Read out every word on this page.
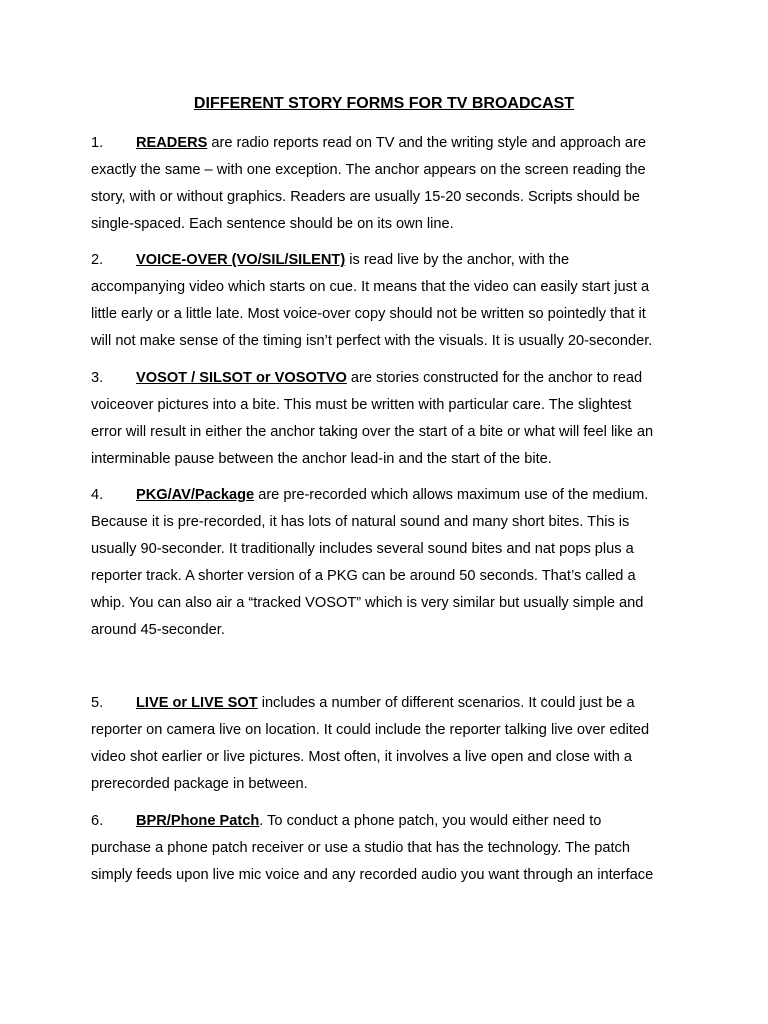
DIFFERENT STORY FORMS FOR TV BROADCAST
1. READERS are radio reports read on TV and the writing style and approach are
exactly the same – with one exception. The anchor appears on the screen reading the
story, with or without graphics. Readers are usually 15-20 seconds. Scripts should be
single-spaced. Each sentence should be on its own line.
2. VOICE-OVER (VO/SIL/SILENT) is read live by the anchor, with the
accompanying video which starts on cue. It means that the video can easily start just a
little early or a little late. Most voice-over copy should not be written so pointedly that it
will not make sense of the timing isn’t perfect with the visuals. It is usually 20-seconder.
3. VOSOT / SILSOT or VOSOTVO are stories constructed for the anchor to read
voiceover pictures into a bite. This must be written with particular care. The slightest
error will result in either the anchor taking over the start of a bite or what will feel like an
interminable pause between the anchor lead-in and the start of the bite.
4. PKG/AV/Package are pre-recorded which allows maximum use of the medium.
Because it is pre-recorded, it has lots of natural sound and many short bites. This is
usually 90-seconder. It traditionally includes several sound bites and nat pops plus a
reporter track. A shorter version of a PKG can be around 50 seconds. That’s called a
whip. You can also air a “tracked VOSOT” which is very similar but usually simple and
around 45-seconder.
5. LIVE or LIVE SOT includes a number of different scenarios. It could just be a
reporter on camera live on location. It could include the reporter talking live over edited
video shot earlier or live pictures. Most often, it involves a live open and close with a
prerecorded package in between.
6. BPR/Phone Patch. To conduct a phone patch, you would either need to
purchase a phone patch receiver or use a studio that has the technology. The patch
simply feeds upon live mic voice and any recorded audio you want through an interface
